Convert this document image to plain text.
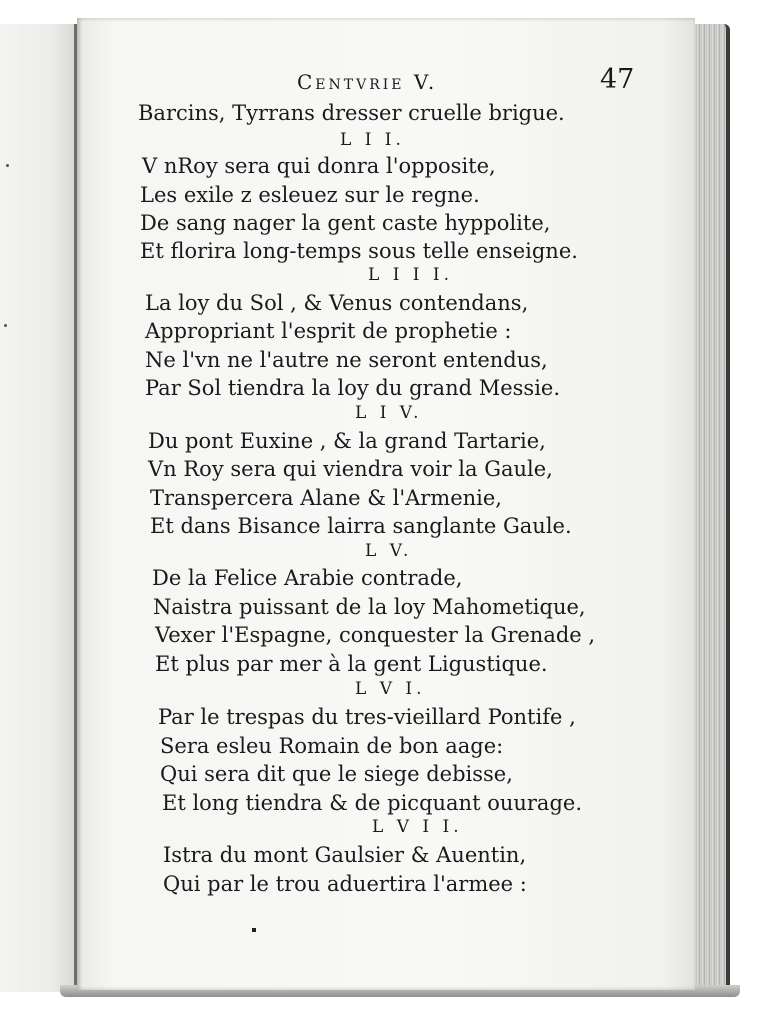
Centvrie V.	47
Barcins, Tyrrans dresser cruelle brigue.
L I I.
V nRoy sera qui donra l'opposite,
Les exile z esleuez sur le regne.
De sang nager la gent caste hyppolite,
Et florira long-temps sous telle enseigne.
L I I I.
La loy du Sol , & Venus contendans,
Appropriant l'esprit de prophetie :
Ne l'vn ne l'autre ne seront entendus,
Par Sol tiendra la loy du grand Messie.
L I V.
Du pont Euxine , & la grand Tartarie,
Vn Roy sera qui viendra voir la Gaule,
Transpercera Alane & l'Armenie,
Et dans Bisance lairra sanglante Gaule.
L V.
De la Felice Arabie contrade,
Naistra puissant de la loy Mahometique,
Vexer l'Espagne, conquester la Grenade ,
Et plus par mer à la gent Ligustique.
L V I.
Par le trespas du tres-vieillard Pontife ,
Sera esleu Romain de bon aage:
Qui sera dit que le siege debisse,
Et long tiendra & de picquant ouurage.
L V I I.
Istra du mont Gaulsier & Auentin,
Qui par le trou aduertira l'armee :
